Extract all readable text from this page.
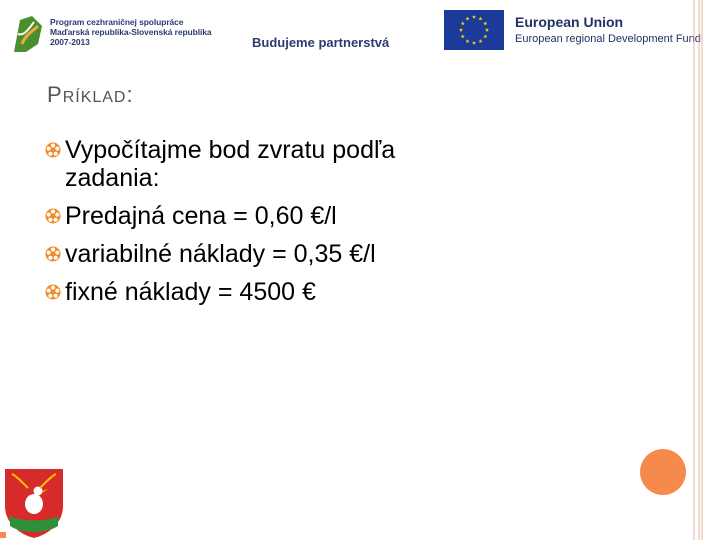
Program cezhraničnej spolupráce
Maďarská republika-Slovenská republika
2007-2013	Budujeme partnerstvá
European Union
European regional Development Fund
PRÍKLAD:
Vypočítajme bod zvratu podľa
zadania:
Predajná cena = 0,60 €/l
variabilné náklady = 0,35 €/l
fixné náklady = 4500 €
